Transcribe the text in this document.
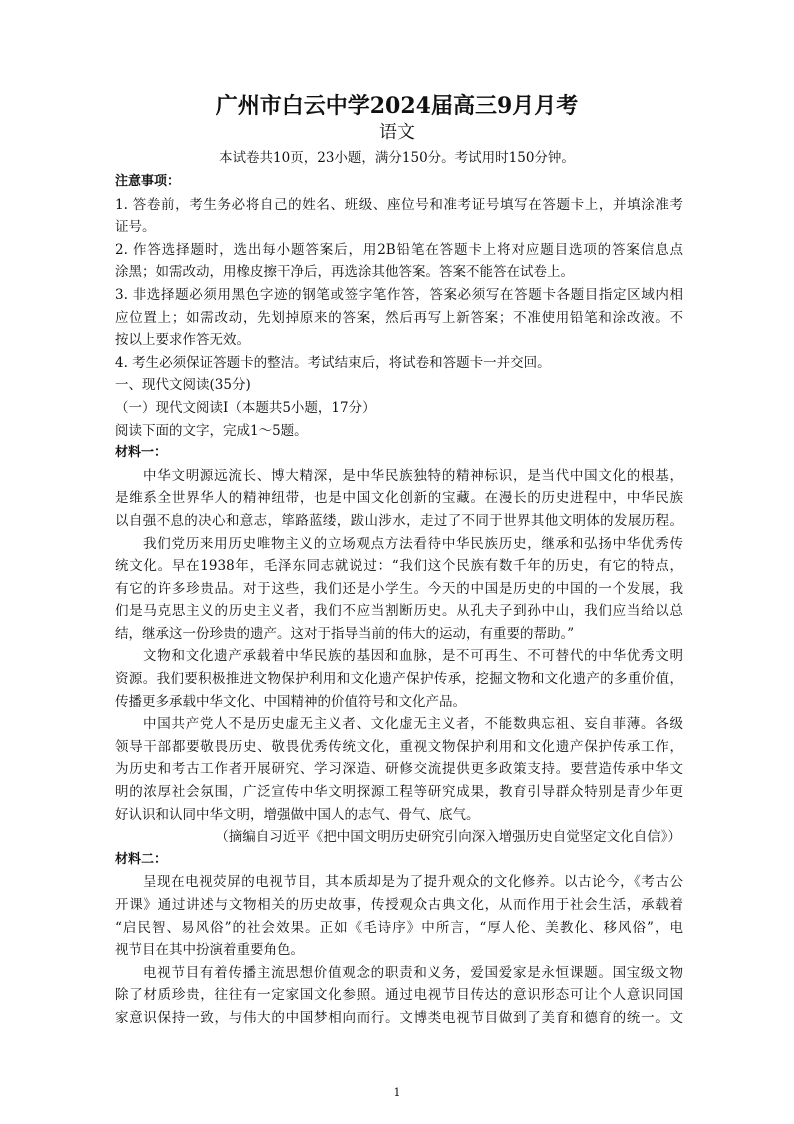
广州市白云中学2024届高三9月月考
语文
本试卷共10页，23小题，满分150分。考试用时150分钟。
注意事项：
1. 答卷前，考生务必将自己的姓名、班级、座位号和准考证号填写在答题卡上，并填涂准考
证号。
2. 作答选择题时，选出每小题答案后，用2B铅笔在答题卡上将对应题目选项的答案信息点
涂黑；如需改动，用橡皮擦干净后，再选涂其他答案。答案不能答在试卷上。
3. 非选择题必须用黑色字迹的钢笔或签字笔作答，答案必须写在答题卡各题目指定区域内相
应位置上；如需改动，先划掉原来的答案，然后再写上新答案；不准使用铅笔和涂改液。不
按以上要求作答无效。
4. 考生必须保证答题卡的整洁。考试结束后，将试卷和答题卡一并交回。
一、现代文阅读(35分)
（一）现代文阅读Ⅰ（本题共5小题，17分）
阅读下面的文字，完成1～5题。
材料一：
中华文明源远流长、博大精深，是中华民族独特的精神标识，是当代中国文化的根基，
是维系全世界华人的精神纽带，也是中国文化创新的宝藏。在漫长的历史进程中，中华民族
以自强不息的决心和意志，筚路蓝缕，跋山涉水，走过了不同于世界其他文明体的发展历程。
我们党历来用历史唯物主义的立场观点方法看待中华民族历史，继承和弘扬中华优秀传
统文化。早在1938年，毛泽东同志就说过：“我们这个民族有数千年的历史，有它的特点，
有它的许多珍贵品。对于这些，我们还是小学生。今天的中国是历史的中国的一个发展，我
们是马克思主义的历史主义者，我们不应当割断历史。从孔夫子到孙中山，我们应当给以总
结，继承这一份珍贵的遗产。这对于指导当前的伟大的运动，有重要的帮助。”
文物和文化遗产承载着中华民族的基因和血脉，是不可再生、不可替代的中华优秀文明
资源。我们要积极推进文物保护利用和文化遗产保护传承，挖掘文物和文化遗产的多重价值，
传播更多承载中华文化、中国精神的价值符号和文化产品。
中国共产党人不是历史虚无主义者、文化虚无主义者，不能数典忘祖、妄自菲薄。各级
领导干部都要敬畏历史、敬畏优秀传统文化，重视文物保护利用和文化遗产保护传承工作，
为历史和考古工作者开展研究、学习深造、研修交流提供更多政策支持。要营造传承中华文
明的浓厚社会氛围，广泛宣传中华文明探源工程等研究成果，教育引导群众特别是青少年更
好认识和认同中华文明，增强做中国人的志气、骨气、底气。
（摘编自习近平《把中国文明历史研究引向深入增强历史自觉坚定文化自信》）
材料二：
呈现在电视荧屏的电视节目，其本质却是为了提升观众的文化修养。以古论今，《考古公
开课》通过讲述与文物相关的历史故事，传授观众古典文化，从而作用于社会生活，承载着
“启民智、易风俗”的社会效果。正如《毛诗序》中所言，“厚人伦、美教化、移风俗”，电
视节目在其中扮演着重要角色。
电视节目有着传播主流思想价值观念的职责和义务，爱国爱家是永恒课题。国宝级文物
除了材质珍贵，往往有一定家国文化参照。通过电视节目传达的意识形态可让个人意识同国
家意识保持一致，与伟大的中国梦相向而行。文博类电视节目做到了美育和德育的统一。文
1
